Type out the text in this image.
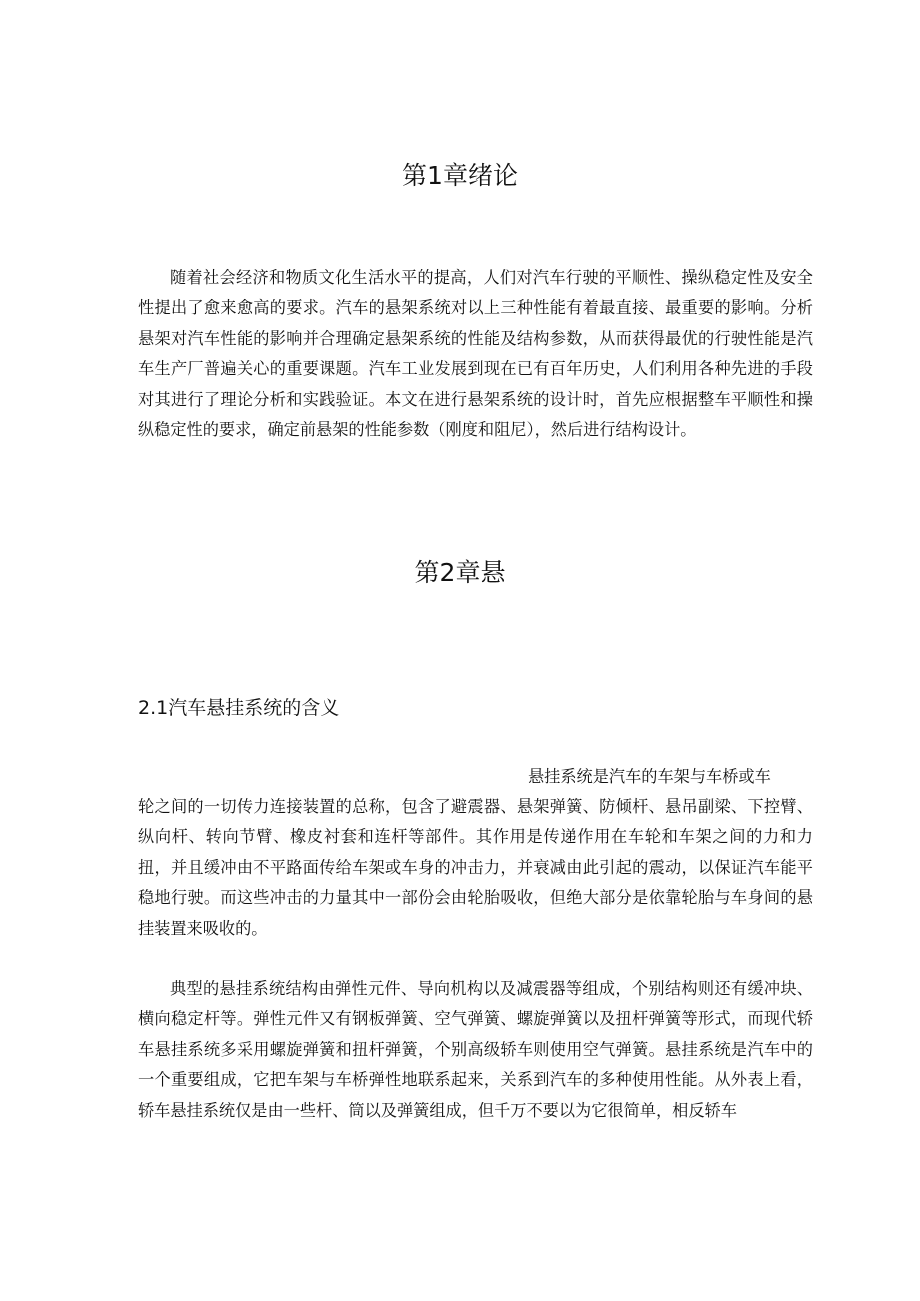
第1章绪论

随着社会经济和物质文化生活水平的提高，人们对汽车行驶的平顺性、操纵稳定性及安全性提出了愈来愈高的要求。汽车的悬架系统对以上三种性能有着最直接、最重要的影响。分析悬架对汽车性能的影响并合理确定悬架系统的性能及结构参数，从而获得最优的行驶性能是汽车生产厂普遍关心的重要课题。汽车工业发展到现在已有百年历史，人们利用各种先进的手段对其进行了理论分析和实践验证。本文在进行悬架系统的设计时，首先应根据整车平顺性和操纵稳定性的要求，确定前悬架的性能参数（刚度和阻尼），然后进行结构设计。

第2章悬
2.1汽车悬挂系统的含义

悬挂系统是汽车的车架与车桥或车

轮之间的一切传力连接装置的总称，包含了避震器、悬架弹簧、防倾杆、悬吊副梁、下控臂、纵向杆、转向节臂、橡皮衬套和连杆等部件。其作用是传递作用在车轮和车架之间的力和力扭，并且缓冲由不平路面传给车架或车身的冲击力，并衰减由此引起的震动，以保证汽车能平稳地行驶。而这些冲击的力量其中一部份会由轮胎吸收，但绝大部分是依靠轮胎与车身间的悬挂装置来吸收的。

典型的悬挂系统结构由弹性元件、导向机构以及减震器等组成，个别结构则还有缓冲块、横向稳定杆等。弹性元件又有钢板弹簧、空气弹簧、螺旋弹簧以及扭杆弹簧等形式，而现代轿车悬挂系统多采用螺旋弹簧和扭杆弹簧，个别高级轿车则使用空气弹簧。悬挂系统是汽车中的一个重要组成，它把车架与车桥弹性地联系起来，关系到汽车的多种使用性能。从外表上看，轿车悬挂系统仅是由一些杆、筒以及弹簧组成，但千万不要以为它很简单，相反轿车
